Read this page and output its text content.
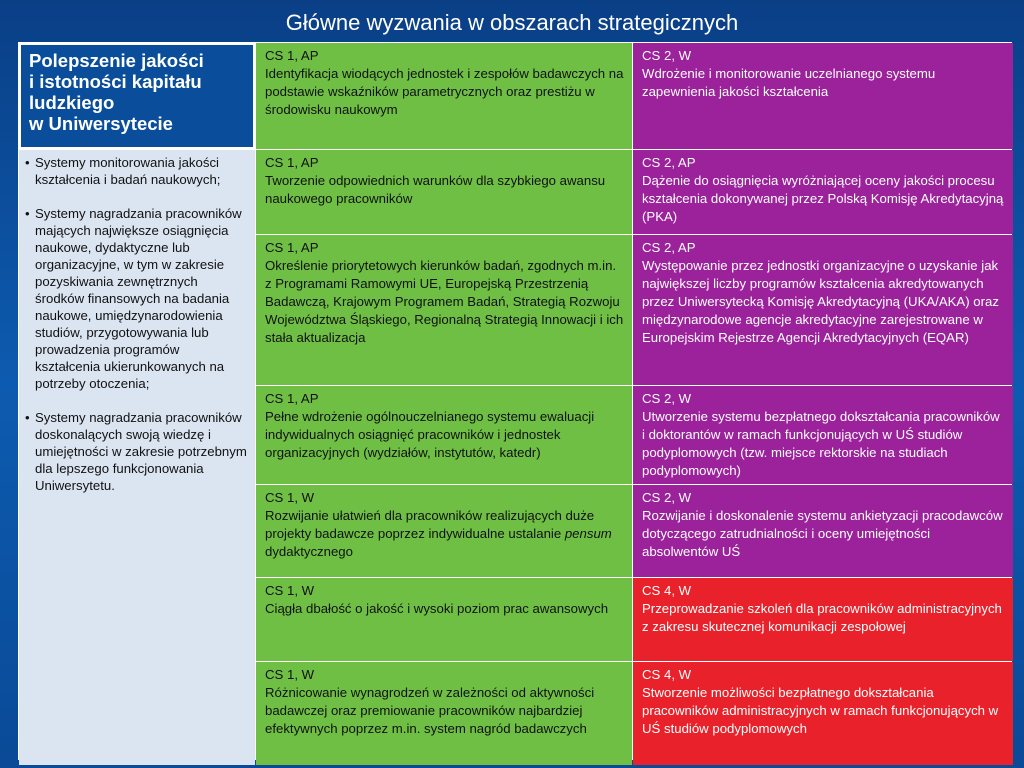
Główne wyzwania w obszarach strategicznych
Polepszenie jakości
i istotności kapitału
ludzkiego
w Uniwersytecie
CS 1, AP
Identyfikacja wiodących jednostek i zespołów badawczych na podstawie wskaźników parametrycznych oraz prestiżu w środowisku naukowym
CS 2, W
Wdrożenie i monitorowanie uczelnianego systemu zapewnienia jakości kształcenia
• Systemy monitorowania jakości kształcenia i badań naukowych;
• Systemy nagradzania pracowników mających największe osiągnięcia naukowe, dydaktyczne lub organizacyjne, w tym w zakresie pozyskiwania zewnętrznych środków finansowych na badania naukowe, umiędzynarodowienia studiów, przygotowywania lub prowadzenia programów kształcenia ukierunkowanych na potrzeby otoczenia;
• Systemy nagradzania pracowników doskonalących swoją wiedzę i umiejętności w zakresie potrzebnym dla lepszego funkcjonowania Uniwersytetu.
CS 1, AP
Tworzenie odpowiednich warunków dla szybkiego awansu naukowego pracowników
CS 2, AP
Dążenie do osiągnięcia wyróżniającej oceny jakości procesu kształcenia dokonywanej przez Polską Komisję Akredytacyjną (PKA)
CS 1, AP
Określenie priorytetowych kierunków badań, zgodnych m.in. z Programami Ramowymi UE, Europejską Przestrzenią Badawczą, Krajowym Programem Badań, Strategią Rozwoju Województwa Śląskiego, Regionalną Strategią Innowacji i ich stała aktualizacja
CS 2, AP
Występowanie przez jednostki organizacyjne o uzyskanie jak największej liczby programów kształcenia akredytowanych przez Uniwersytecką Komisję Akredytacyjną (UKA/AKA) oraz międzynarodowe agencje akredytacyjne zarejestrowane w Europejskim Rejestrze Agencji Akredytacyjnych (EQAR)
CS 1, AP
Pełne wdrożenie ogólnouczelnianego systemu ewaluacji indywidualnych osiągnięć pracowników i jednostek organizacyjnych (wydziałów, instytutów, katedr)
CS 2, W
Utworzenie systemu bezpłatnego dokształcania pracowników i doktorantów w ramach funkcjonujących w UŚ studiów podyplomowych (tzw. miejsce rektorskie na studiach podyplomowych)
CS 1, W
Rozwijanie ułatwień dla pracowników realizujących duże projekty badawcze poprzez indywidualne ustalanie pensum dydaktycznego
CS 2, W
Rozwijanie i doskonalenie systemu ankietyzacji pracodawców dotyczącego zatrudnialności i oceny umiejętności absolwentów UŚ
CS 1, W
Ciągła dbałość o jakość i wysoki poziom prac awansowych
CS 4, W
Przeprowadzanie szkoleń dla pracowników administracyjnych z zakresu skutecznej komunikacji zespołowej
CS 1, W
Różnicowanie wynagrodzeń w zależności od aktywności badawczej oraz premiowanie pracowników najbardziej efektywnych poprzez m.in. system nagród badawczych
CS 4, W
Stworzenie możliwości bezpłatnego dokształcania pracowników administracyjnych w ramach funkcjonujących w UŚ studiów podyplomowych
